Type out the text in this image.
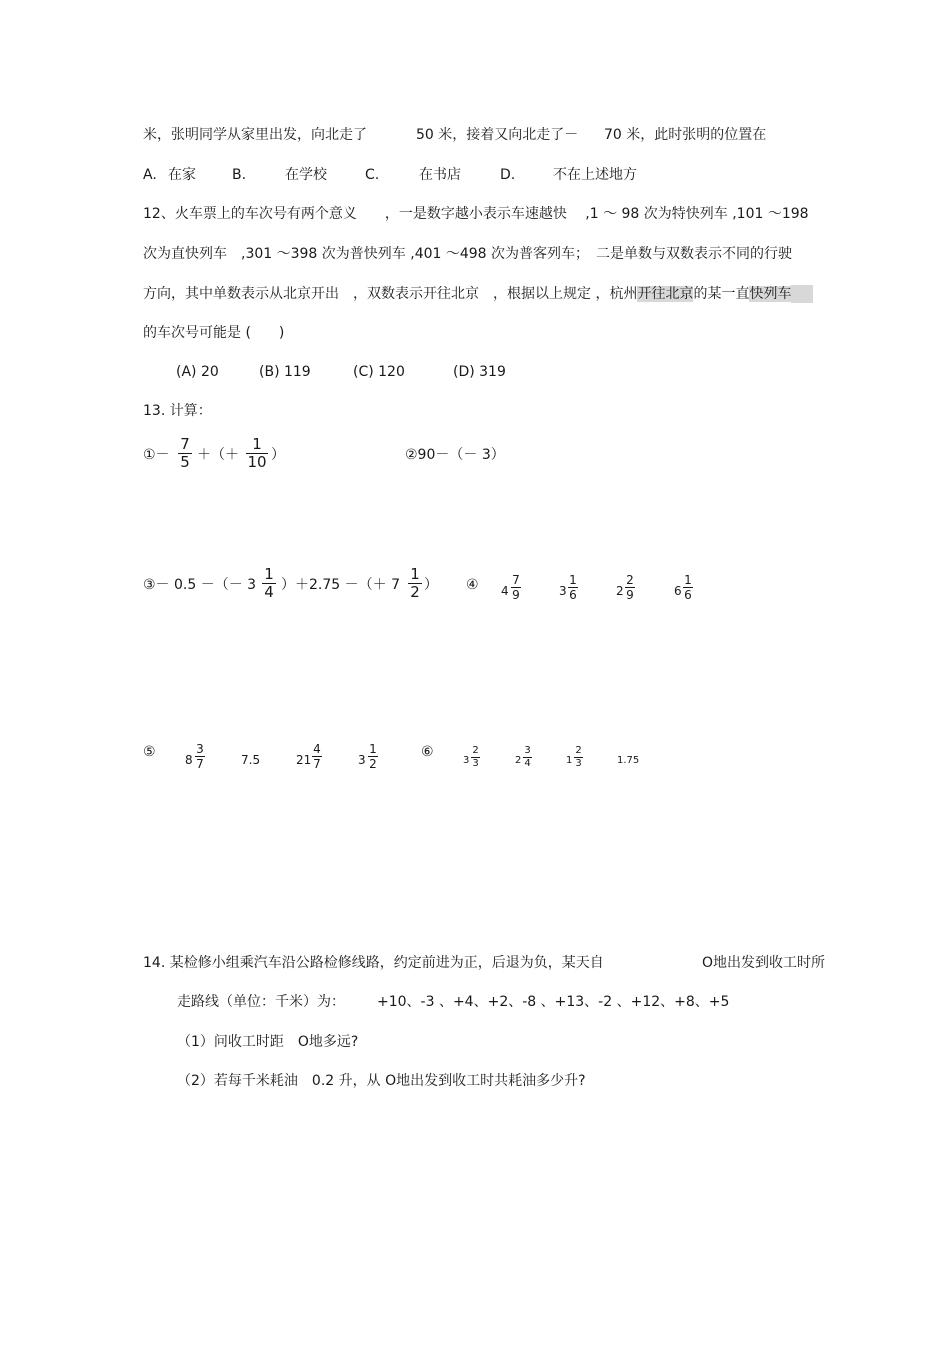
米，张明同学从家里出发，向北走了	50 米，接着又向北走了－ 70 米，此时张明的位置在
A. 在家	B.	在学校	C.	在书店	D.	不在上述地方
12、火车票上的车次号有两个意义　　，一是数字越小表示车速越快　 ,1 ～ 98 次为特快列车 ,101 ～198
次为直快列车　,301 ～398 次为普快列车 ,401 ～498 次为普客列车；　二是单数与双数表示不同的行驶
方向，其中单数表示从北京开出　，双数表示开往北京　，根据以上规定 ，杭州开往北京的某一直快列车
的车次号可能是 (　　)
(A) 20	(B) 119	(C) 120	(D) 319
13. 计算：
①－
7
5 ＋（＋
1
10 ）	②90－（－ 3）
③－ 0.5 －（－ 3
1
4 ）＋2.75 －（＋ 7
1
2 ） ④ 4
7
9	3
1
6	2
2
9	6
1
6
⑤ 8
3
7	7.5	21
4
7	3
1
2
⑥
3
2
3	2
3
4	1
2
3	1.75
14. 某检修小组乘汽车沿公路检修线路，约定前进为正，后退为负，某天自	O地出发到收工时所
走路线（单位：千米）为： +10、-3 、+4、+2、-8 、+13、-2 、+12、+8、+5
（1）问收工时距　O地多远?
（2）若每千米耗油　0.2 升，从 O地出发到收工时共耗油多少升?
